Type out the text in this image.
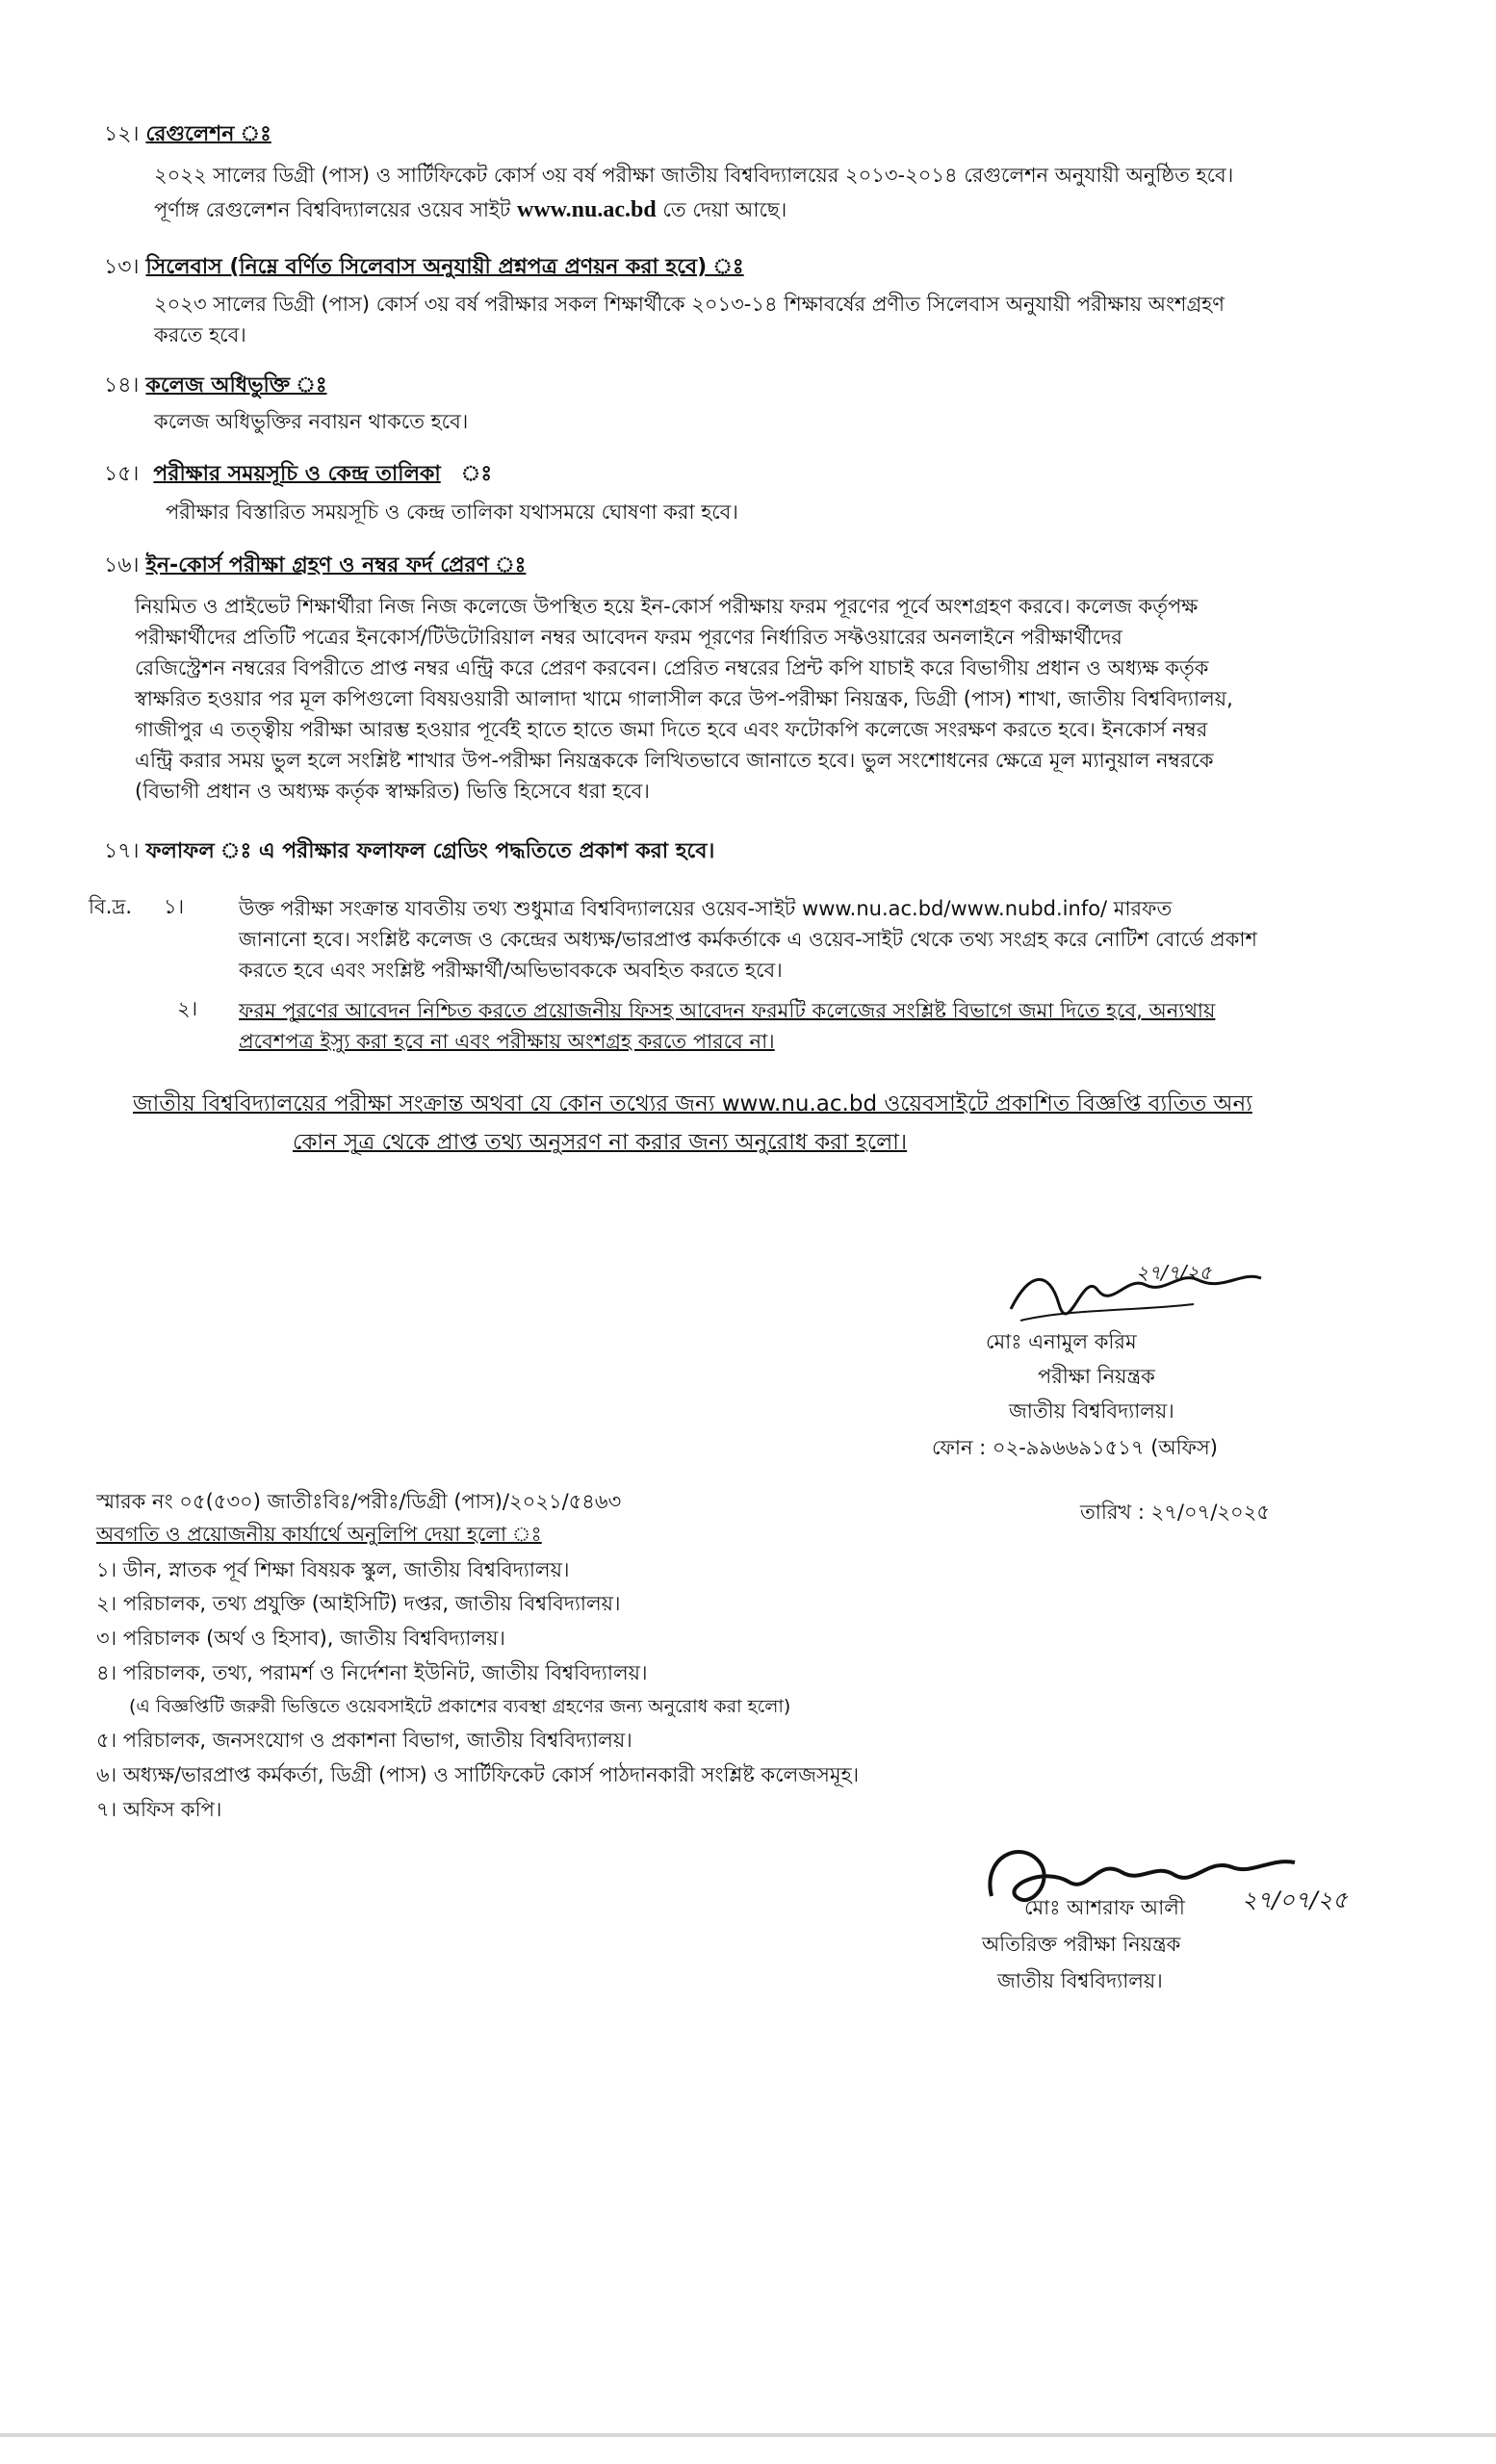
১২। রেগুলেশন ঃ
২০২২ সালের ডিগ্রী (পাস) ও সার্টিফিকেট কোর্স ৩য় বর্ষ পরীক্ষা জাতীয় বিশ্ববিদ্যালয়ের ২০১৩-২০১৪ রেগুলেশন অনুযায়ী অনুষ্ঠিত হবে।
পূর্ণাঙ্গ রেগুলেশন বিশ্ববিদ্যালয়ের ওয়েব সাইট www.nu.ac.bd তে দেয়া আছে।
১৩। সিলেবাস (নিম্নে বর্ণিত সিলেবাস অনুযায়ী প্রশ্নপত্র প্রণয়ন করা হবে) ঃ
২০২৩ সালের ডিগ্রী (পাস) কোর্স ৩য় বর্ষ পরীক্ষার সকল শিক্ষার্থীকে ২০১৩-১৪ শিক্ষাবর্ষের প্রণীত সিলেবাস অনুযায়ী পরীক্ষায় অংশগ্রহণ
করতে হবে।
১৪। কলেজ অধিভুক্তি ঃ
কলেজ অধিভুক্তির নবায়ন থাকতে হবে।
১৫। পরীক্ষার সময়সূচি ও কেন্দ্র তালিকা ঃ
পরীক্ষার বিস্তারিত সময়সূচি ও কেন্দ্র তালিকা যথাসময়ে ঘোষণা করা হবে।
১৬। ইন-কোর্স পরীক্ষা গ্রহণ ও নম্বর ফর্দ প্রেরণ ঃ
নিয়মিত ও প্রাইভেট শিক্ষার্থীরা নিজ নিজ কলেজে উপস্থিত হয়ে ইন-কোর্স পরীক্ষায় ফরম পূরণের পূর্বে অংশগ্রহণ করবে। কলেজ কর্তৃপক্ষ
পরীক্ষার্থীদের প্রতিটি পত্রের ইনকোর্স/টিউটোরিয়াল নম্বর আবেদন ফরম পূরণের নির্ধারিত সফ্টওয়ারের অনলাইনে পরীক্ষার্থীদের
রেজিস্ট্রেশন নম্বরের বিপরীতে প্রাপ্ত নম্বর এন্ট্রি করে প্রেরণ করবেন। প্রেরিত নম্বরের প্রিন্ট কপি যাচাই করে বিভাগীয় প্রধান ও অধ্যক্ষ কর্তৃক
স্বাক্ষরিত হওয়ার পর মূল কপিগুলো বিষয়ওয়ারী আলাদা খামে গালাসীল করে উপ-পরীক্ষা নিয়ন্ত্রক, ডিগ্রী (পাস) শাখা, জাতীয় বিশ্ববিদ্যালয়,
গাজীপুর এ তত্ত্বীয় পরীক্ষা আরম্ভ হওয়ার পূর্বেই হাতে হাতে জমা দিতে হবে এবং ফটোকপি কলেজে সংরক্ষণ করতে হবে। ইনকোর্স নম্বর
এন্ট্রি করার সময় ভুল হলে সংশ্লিষ্ট শাখার উপ-পরীক্ষা নিয়ন্ত্রককে লিখিতভাবে জানাতে হবে। ভুল সংশোধনের ক্ষেত্রে মূল ম্যানুয়াল নম্বরকে
(বিভাগী প্রধান ও অধ্যক্ষ কর্তৃক স্বাক্ষরিত) ভিত্তি হিসেবে ধরা হবে।
১৭। ফলাফল ঃ এ পরীক্ষার ফলাফল গ্রেডিং পদ্ধতিতে প্রকাশ করা হবে।
বি.দ্র. ১।	উক্ত পরীক্ষা সংক্রান্ত যাবতীয় তথ্য শুধুমাত্র বিশ্ববিদ্যালয়ের ওয়েব-সাইট www.nu.ac.bd/www.nubd.info/ মারফত
জানানো হবে। সংশ্লিষ্ট কলেজ ও কেন্দ্রের অধ্যক্ষ/ভারপ্রাপ্ত কর্মকর্তাকে এ ওয়েব-সাইট থেকে তথ্য সংগ্রহ করে নোটিশ বোর্ডে প্রকাশ
করতে হবে এবং সংশ্লিষ্ট পরীক্ষার্থী/অভিভাবককে অবহিত করতে হবে।
২। ফরম পূরণের আবেদন নিশ্চিত করতে প্রয়োজনীয় ফিসহ আবেদন ফরমটি কলেজের সংশ্লিষ্ট বিভাগে জমা দিতে হবে, অন্যথায়
প্রবেশপত্র ইস্যু করা হবে না এবং পরীক্ষায় অংশগ্রহ করতে পারবে না।
জাতীয় বিশ্ববিদ্যালয়ের পরীক্ষা সংক্রান্ত অথবা যে কোন তথ্যের জন্য www.nu.ac.bd ওয়েবসাইটে প্রকাশিত বিজ্ঞপ্তি ব্যতিত অন্য
কোন সূত্র থেকে প্রাপ্ত তথ্য অনুসরণ না করার জন্য অনুরোধ করা হলো।
২৭/৭/২৫
মোঃ এনামুল করিম
পরীক্ষা নিয়ন্ত্রক
জাতীয় বিশ্ববিদ্যালয়।
ফোন : ০২-৯৯৬৬৯১৫১৭ (অফিস)
স্মারক নং ০৫(৫৩০) জাতীঃবিঃ/পরীঃ/ডিগ্রী (পাস)/২০২১/৫৪৬৩	তারিখ : ২৭/০৭/২০২৫
অবগতি ও প্রয়োজনীয় কার্যার্থে অনুলিপি দেয়া হলো ঃ
১। ডীন, স্নাতক পূর্ব শিক্ষা বিষয়ক স্কুল, জাতীয় বিশ্ববিদ্যালয়।
২। পরিচালক, তথ্য প্রযুক্তি (আইসিটি) দপ্তর, জাতীয় বিশ্ববিদ্যালয়।
৩। পরিচালক (অর্থ ও হিসাব), জাতীয় বিশ্ববিদ্যালয়।
৪। পরিচালক, তথ্য, পরামর্শ ও নির্দেশনা ইউনিট, জাতীয় বিশ্ববিদ্যালয়।
(এ বিজ্ঞপ্তিটি জরুরী ভিত্তিতে ওয়েবসাইটে প্রকাশের ব্যবস্থা গ্রহণের জন্য অনুরোধ করা হলো)
৫। পরিচালক, জনসংযোগ ও প্রকাশনা বিভাগ, জাতীয় বিশ্ববিদ্যালয়।
৬। অধ্যক্ষ/ভারপ্রাপ্ত কর্মকর্তা, ডিগ্রী (পাস) ও সার্টিফিকেট কোর্স পাঠদানকারী সংশ্লিষ্ট কলেজসমূহ।
৭। অফিস কপি।
২৭/০৭/২৫
মোঃ আশরাফ আলী
অতিরিক্ত পরীক্ষা নিয়ন্ত্রক
জাতীয় বিশ্ববিদ্যালয়।
